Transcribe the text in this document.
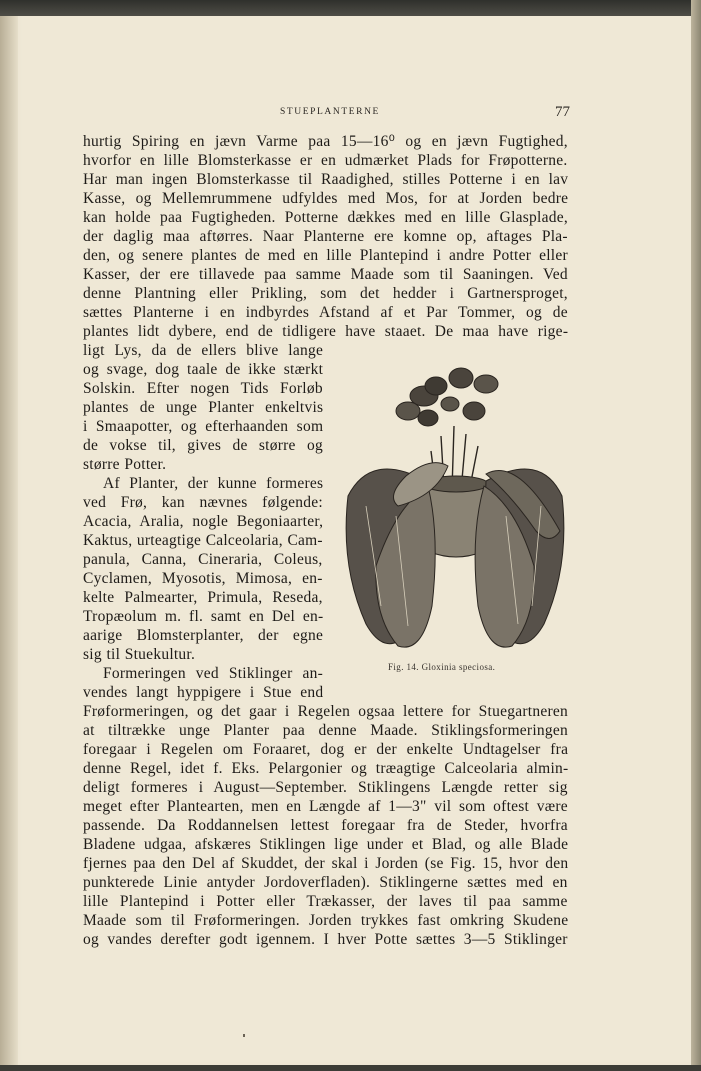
STUEPLANTERNE	77

hurtig Spiring en jævn Varme paa 15—16⁰ og en jævn Fugtighed,

hvorfor en lille Blomsterkasse er en udmærket Plads for Frøpotterne.

Har man ingen Blomsterkasse til Raadighed, stilles Potterne i en lav

Kasse, og Mellemrummene udfyldes med Mos, for at Jorden bedre

kan holde paa Fugtigheden. Potterne dækkes med en lille Glasplade,

der daglig maa aftørres. Naar Planterne ere komne op, aftages Pla-

den, og senere plantes de med en lille Plantepind i andre Potter eller

Kasser, der ere tillavede paa samme Maade som til Saaningen. Ved

denne Plantning eller Prikling, som det hedder i Gartnersproget,

sættes Planterne i en indbyrdes Afstand af et Par Tommer, og de

plantes lidt dybere, end de tidligere have staaet. De maa have rige-

ligt Lys, da de ellers blive lange

og svage, dog taale de ikke stærkt

Solskin. Efter nogen Tids Forløb

plantes de unge Planter enkeltvis

i Smaapotter, og efterhaanden som

de vokse til, gives de større og

større Potter.

Af Planter, der kunne formeres

ved Frø, kan nævnes følgende:

Acacia, Aralia, nogle Begoniaarter,

Kaktus, urteagtige Calceolaria, Cam-

panula, Canna, Cineraria, Coleus,

Cyclamen, Myosotis, Mimosa, en-

kelte Palmearter, Primula, Reseda,

Tropæolum m. fl. samt en Del en-

aarige Blomsterplanter, der egne

sig til Stuekultur.

Formeringen ved Stiklinger an-

vendes langt hyppigere i Stue end

Frøformeringen, og det gaar i Regelen ogsaa lettere for Stuegartneren

at tiltrække unge Planter paa denne Maade. Stiklingsformeringen

foregaar i Regelen om Foraaret, dog er der enkelte Undtagelser fra

denne Regel, idet f. Eks. Pelargonier og træagtige Calceolaria almin-

deligt formeres i August—September. Stiklingens Længde retter sig

meget efter Plantearten, men en Længde af 1—3" vil som oftest være

passende. Da Roddannelsen lettest foregaar fra de Steder, hvorfra

Bladene udgaa, afskæres Stiklingen lige under et Blad, og alle Blade

fjernes paa den Del af Skuddet, der skal i Jorden (se Fig. 15, hvor den

punkterede Linie antyder Jordoverfladen). Stiklingerne sættes med en

lille Plantepind i Potter eller Trækasser, der laves til paa samme

Maade som til Frøformeringen. Jorden trykkes fast omkring Skudene

og vandes derefter godt igennem. I hver Potte sættes 3—5 Stiklinger

Fig. 14. Gloxinia speciosa.
